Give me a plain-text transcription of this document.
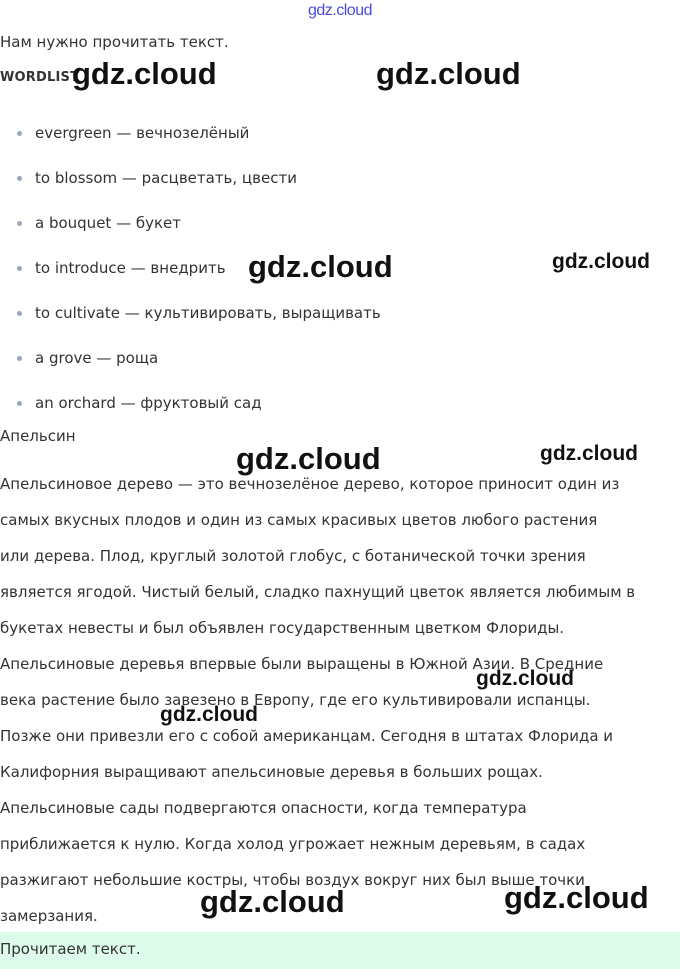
gdz.cloud
Нам нужно прочитать текст.
WORDLIST
evergreen — вечнозелёный
to blossom — расцветать, цвести
a bouquet — букет
to introduce — внедрить
to cultivate — культивировать, выращивать
a grove — роща
an orchard — фруктовый сад
Апельсин

Апельсиновое дерево — это вечнозелёное дерево, которое приносит один из
самых вкусных плодов и один из самых красивых цветов любого растения
или дерева. Плод, круглый золотой глобус, с ботанической точки зрения
является ягодой. Чистый белый, сладко пахнущий цветок является любимым в
букетах невесты и был объявлен государственным цветком Флориды.
Апельсиновые деревья впервые были выращены в Южной Азии. В Средние
века растение было завезено в Европу, где его культивировали испанцы.
Позже они привезли его с собой американцам. Сегодня в штатах Флорида и
Калифорния выращивают апельсиновые деревья в больших рощах.
Апельсиновые сады подвергаются опасности, когда температура
приближается к нулю. Когда холод угрожает нежным деревьям, в садах
разжигают небольшие костры, чтобы воздух вокруг них был выше точки
замерзания.

Прочитаем текст.
gdz.cloud	gdz.cloud
gdz.cloud	gdz.cloud
gdz.cloud	gdz.cloud
gdz.cloud
gdz.cloud
gdz.cloud	gdz.cloud
